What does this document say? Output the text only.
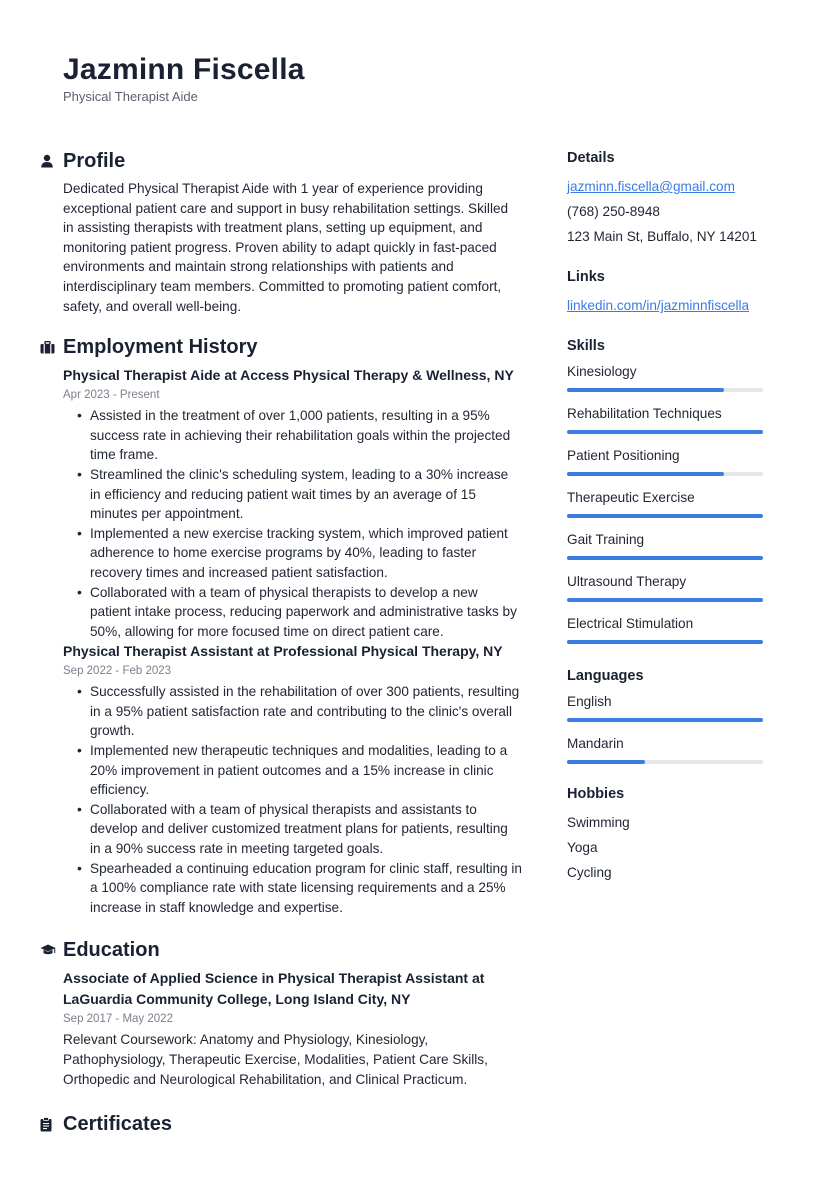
Jazminn Fiscella
Physical Therapist Aide
Profile

Dedicated Physical Therapist Aide with 1 year of experience providing exceptional patient care and support in busy rehabilitation settings. Skilled in assisting therapists with treatment plans, setting up equipment, and monitoring patient progress. Proven ability to adapt quickly in fast-paced environments and maintain strong relationships with patients and interdisciplinary team members. Committed to promoting patient comfort, safety, and overall well-being.

Employment History
Physical Therapist Aide at Access Physical Therapy & Wellness, NY
Apr 2023 - Present
• Assisted in the treatment of over 1,000 patients, resulting in a 95% success rate in achieving their rehabilitation goals within the projected time frame.
• Streamlined the clinic's scheduling system, leading to a 30% increase in efficiency and reducing patient wait times by an average of 15 minutes per appointment.
• Implemented a new exercise tracking system, which improved patient adherence to home exercise programs by 40%, leading to faster recovery times and increased patient satisfaction.
• Collaborated with a team of physical therapists to develop a new patient intake process, reducing paperwork and administrative tasks by 50%, allowing for more focused time on direct patient care.
Physical Therapist Assistant at Professional Physical Therapy, NY
Sep 2022 - Feb 2023
• Successfully assisted in the rehabilitation of over 300 patients, resulting in a 95% patient satisfaction rate and contributing to the clinic's overall growth.
• Implemented new therapeutic techniques and modalities, leading to a 20% improvement in patient outcomes and a 15% increase in clinic efficiency.
• Collaborated with a team of physical therapists and assistants to develop and deliver customized treatment plans for patients, resulting in a 90% success rate in meeting targeted goals.
• Spearheaded a continuing education program for clinic staff, resulting in a 100% compliance rate with state licensing requirements and a 25% increase in staff knowledge and expertise.
Education
Associate of Applied Science in Physical Therapist Assistant at LaGuardia Community College, Long Island City, NY
Sep 2017 - May 2022

Relevant Coursework: Anatomy and Physiology, Kinesiology, Pathophysiology, Therapeutic Exercise, Modalities, Patient Care Skills, Orthopedic and Neurological Rehabilitation, and Clinical Practicum.

Certificates
Details
jazminn.fiscella@gmail.com
(768) 250-8948
123 Main St, Buffalo, NY 14201
Links
linkedin.com/in/jazminnfiscella
Skills
Kinesiology
Rehabilitation Techniques
Patient Positioning
Therapeutic Exercise
Gait Training
Ultrasound Therapy
Electrical Stimulation
Languages
English
Mandarin
Hobbies
Swimming
Yoga
Cycling
